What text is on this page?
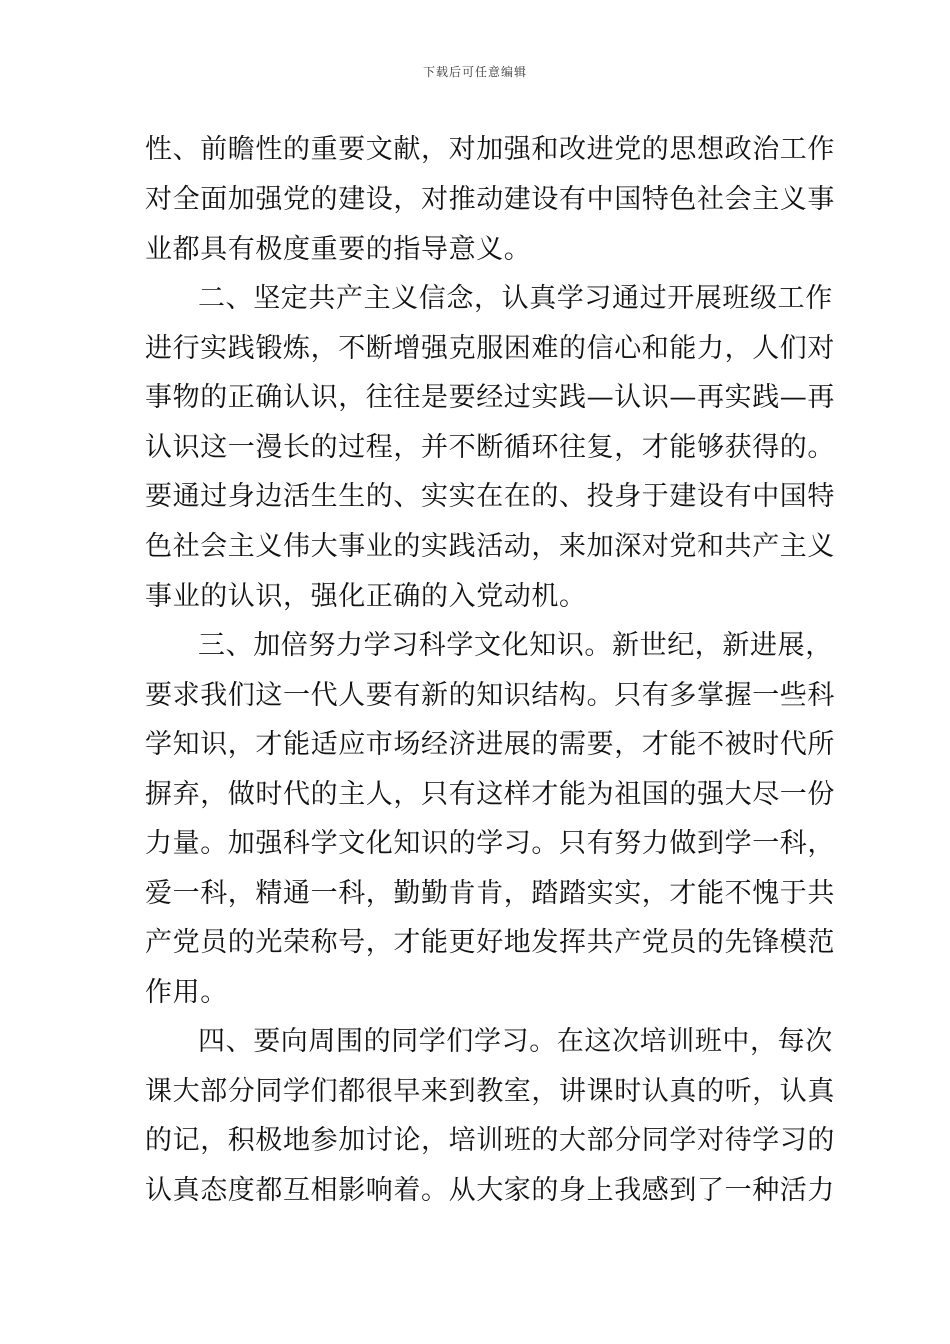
下载后可任意编辑
性、前瞻性的重要文献，对加强和改进党的思想政治工作
对全面加强党的建设，对推动建设有中国特色社会主义事
业都具有极度重要的指导意义。
二、坚定共产主义信念，认真学习通过开展班级工作
进行实践锻炼，不断增强克服困难的信心和能力，人们对
事物的正确认识，往往是要经过实践—认识—再实践—再
认识这一漫长的过程，并不断循环往复，才能够获得的。
要通过身边活生生的、实实在在的、投身于建设有中国特
色社会主义伟大事业的实践活动，来加深对党和共产主义
事业的认识，强化正确的入党动机。
三、加倍努力学习科学文化知识。新世纪，新进展，
要求我们这一代人要有新的知识结构。只有多掌握一些科
学知识，才能适应市场经济进展的需要，才能不被时代所
摒弃，做时代的主人，只有这样才能为祖国的强大尽一份
力量。加强科学文化知识的学习。只有努力做到学一科，
爱一科，精通一科，勤勤肯肯，踏踏实实，才能不愧于共
产党员的光荣称号，才能更好地发挥共产党员的先锋模范
作用。
四、要向周围的同学们学习。在这次培训班中，每次
课大部分同学们都很早来到教室，讲课时认真的听，认真
的记，积极地参加讨论，培训班的大部分同学对待学习的
认真态度都互相影响着。从大家的身上我感到了一种活力
